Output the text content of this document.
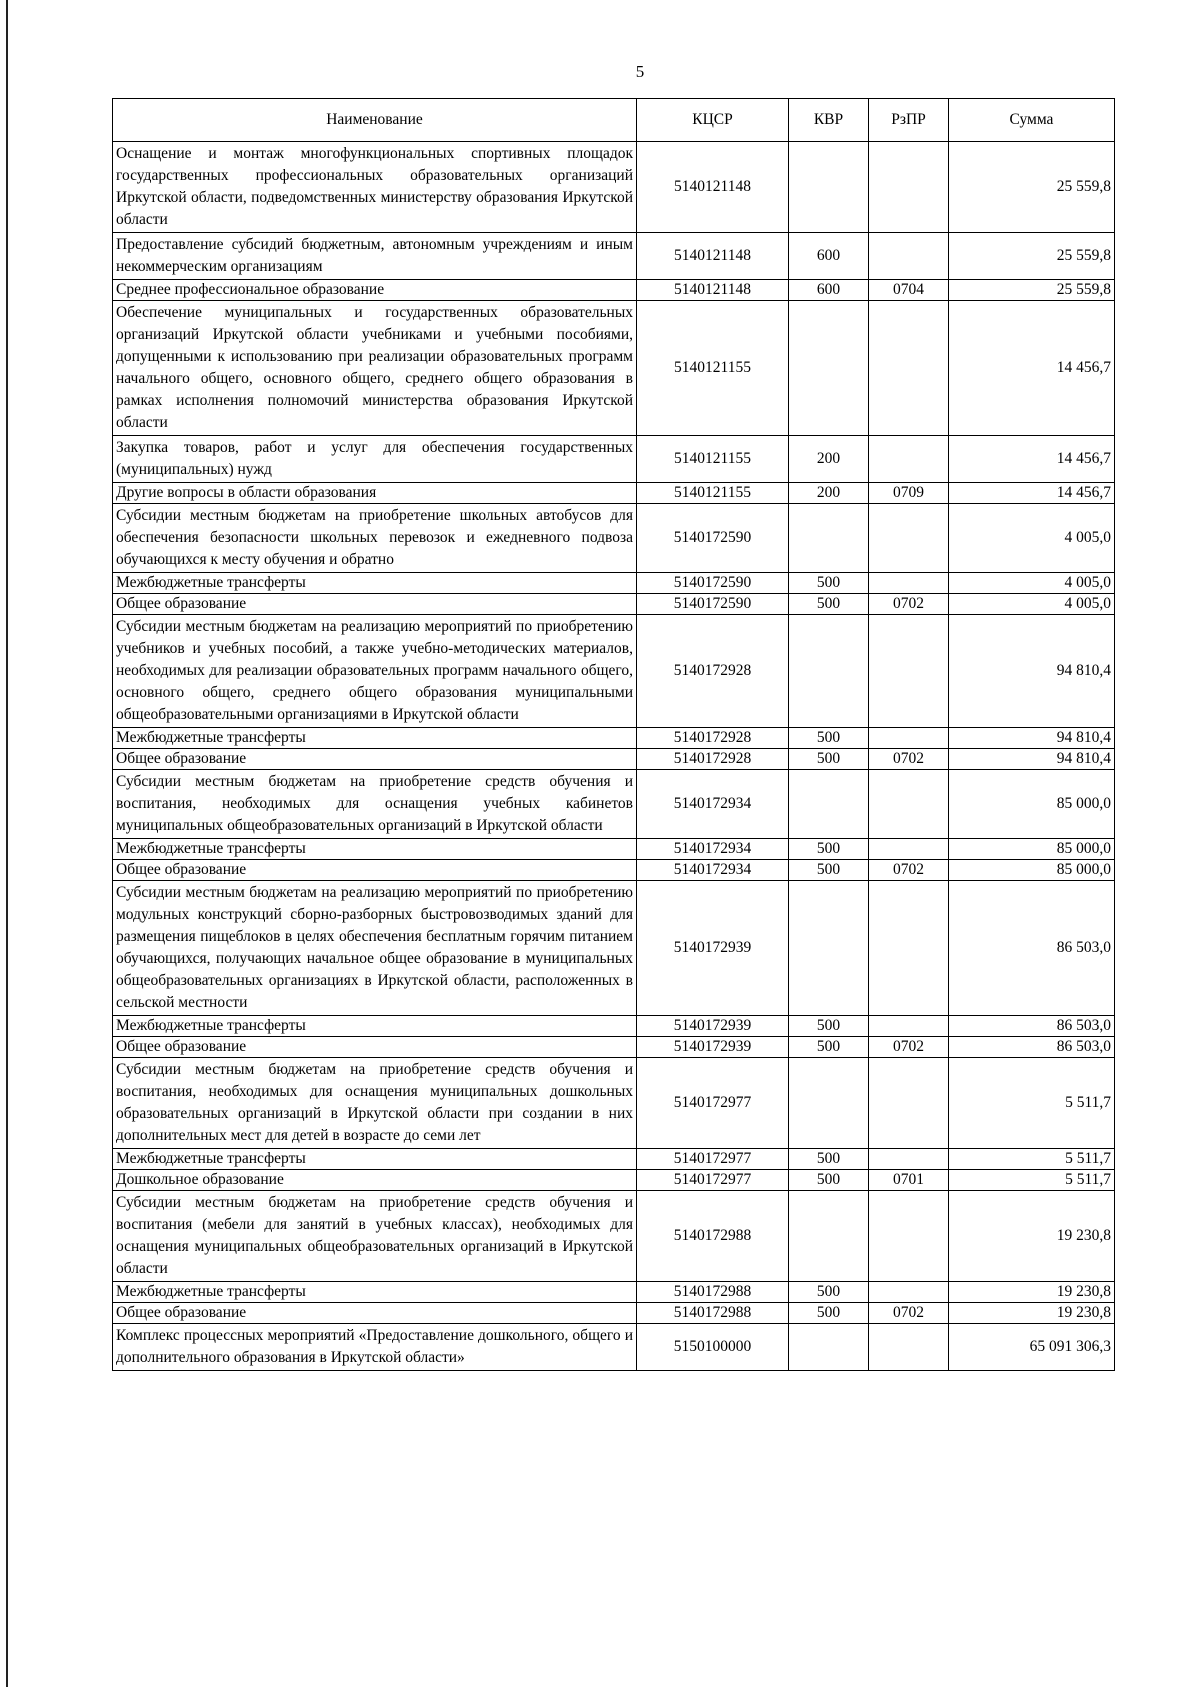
5
Наименование	КЦСР	КВР	РзПР	Сумма
Оснащение и монтаж многофункциональных спортивных площадок государственных профессиональных образовательных организаций Иркутской области, подведомственных министерству образования Иркутской области	5140121148			25 559,8
Предоставление субсидий бюджетным, автономным учреждениям и иным некоммерческим организациям	5140121148	600		25 559,8
Среднее профессиональное образование	5140121148	600	0704	25 559,8
Обеспечение муниципальных и государственных образовательных организаций Иркутской области учебниками и учебными пособиями, допущенными к использованию при реализации образовательных программ начального общего, основного общего, среднего общего образования в рамках исполнения полномочий министерства образования Иркутской области	5140121155			14 456,7
Закупка товаров, работ и услуг для обеспечения государственных (муниципальных) нужд	5140121155	200		14 456,7
Другие вопросы в области образования	5140121155	200	0709	14 456,7
Субсидии местным бюджетам на приобретение школьных автобусов для обеспечения безопасности школьных перевозок и ежедневного подвоза обучающихся к месту обучения и обратно	5140172590			4 005,0
Межбюджетные трансферты	5140172590	500		4 005,0
Общее образование	5140172590	500	0702	4 005,0
Субсидии местным бюджетам на реализацию мероприятий по приобретению учебников и учебных пособий, а также учебно-методических материалов, необходимых для реализации образовательных программ начального общего, основного общего, среднего общего образования муниципальными общеобразовательными организациями в Иркутской области	5140172928			94 810,4
Межбюджетные трансферты	5140172928	500		94 810,4
Общее образование	5140172928	500	0702	94 810,4
Субсидии местным бюджетам на приобретение средств обучения и воспитания, необходимых для оснащения учебных кабинетов муниципальных общеобразовательных организаций в Иркутской области	5140172934			85 000,0
Межбюджетные трансферты	5140172934	500		85 000,0
Общее образование	5140172934	500	0702	85 000,0
Субсидии местным бюджетам на реализацию мероприятий по приобретению модульных конструкций сборно-разборных быстровозводимых зданий для размещения пищеблоков в целях обеспечения бесплатным горячим питанием обучающихся, получающих начальное общее образование в муниципальных общеобразовательных организациях в Иркутской области, расположенных в сельской местности	5140172939			86 503,0
Межбюджетные трансферты	5140172939	500		86 503,0
Общее образование	5140172939	500	0702	86 503,0
Субсидии местным бюджетам на приобретение средств обучения и воспитания, необходимых для оснащения муниципальных дошкольных образовательных организаций в Иркутской области при создании в них дополнительных мест для детей в возрасте до семи лет	5140172977			5 511,7
Межбюджетные трансферты	5140172977	500		5 511,7
Дошкольное образование	5140172977	500	0701	5 511,7
Субсидии местным бюджетам на приобретение средств обучения и воспитания (мебели для занятий в учебных классах), необходимых для оснащения муниципальных общеобразовательных организаций в Иркутской области	5140172988			19 230,8
Межбюджетные трансферты	5140172988	500		19 230,8
Общее образование	5140172988	500	0702	19 230,8
Комплекс процессных мероприятий «Предоставление дошкольного, общего и дополнительного образования в Иркутской области»	5150100000			65 091 306,3
